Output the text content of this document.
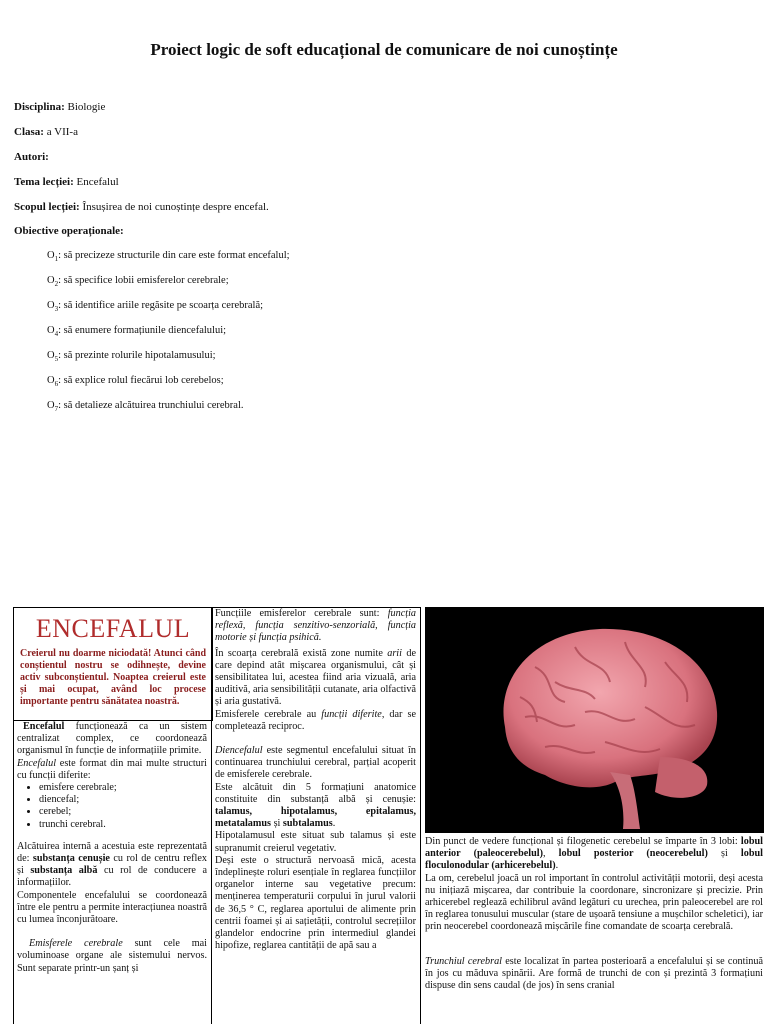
Proiect logic de soft educațional de comunicare de noi cunoștințe
Disciplina: Biologie
Clasa: a VII-a
Autori:
Tema lecției: Encefalul
Scopul lecției: Însușirea de noi cunoștințe despre encefal.
Obiective operaționale:
$O_1$: să precizeze structurile din care este format encefalul;
$O_2$: să specifice lobii emisferelor cerebrale;
$O_3$: să identifice ariile regăsite pe scoarța cerebrală;
$O_4$: să enumere formațiunile diencefalului;
$O_5$: să prezinte rolurile hipotalamusului;
$O_6$: să explice rolul fiecărui lob cerebelos;
$O_7$: să detalieze alcătuirea trunchiului cerebral.
ENCEFALUL
Creierul nu doarme niciodată! Atunci când conștientul nostru se odihnește, devine activ subconștientul. Noaptea creierul este și mai ocupat, având loc procese importante pentru sănătatea noastră.

Encefalul funcționează ca un sistem centralizat complex, ce coordonează organismul în funcție de informațiile primite.

Encefalul este format din mai multe structuri cu funcții diferite:

• emisfere cerebrale;
• diencefal;
• cerebel;
• trunchi cerebral.

Alcătuirea internă a acestuia este reprezentată de: substanța cenușie cu rol de centru reflex și substanța albă cu rol de conducere a informațiilor.

Componentele encefalului se coordonează între ele pentru a permite interacțiunea noastră cu lumea înconjurătoare.

Emisferele cerebrale sunt cele mai voluminoase organe ale sistemului nervos. Sunt separate printr-un șanț și

Funcțiile emisferelor cerebrale sunt: funcția reflexă, funcția senzitivo-senzorială, funcția motorie și funcția psihică.

În scoarța cerebrală există zone numite arii de care depind atât mișcarea organismului, cât și sensibilitatea lui, acestea fiind aria vizuală, aria auditivă, aria sensibilității cutanate, aria olfactivă și aria gustativă.

Emisferele cerebrale au funcții diferite, dar se completează reciproc.

Diencefalul este segmentul encefalului situat în continuarea trunchiului cerebral, parțial acoperit de emisferele cerebrale.

Este alcătuit din 5 formațiuni anatomice constituite din substanță albă și cenușie: talamus, hipotalamus, epitalamus, metatalamus și subtalamus.

Hipotalamusul este situat sub talamus și este supranumit creierul vegetativ.

Deși este o structură nervoasă mică, acesta îndeplinește roluri esențiale în reglarea funcțiilor organelor interne sau vegetative precum: menținerea temperaturii corpului în jurul valorii de 36,5 ° C, reglarea aportului de alimente prin centrii foamei și ai sațietății, controlul secrețiilor glandelor endocrine prin intermediul glandei hipofize, reglarea cantității de apă sau a

Din punct de vedere funcțional și filogenetic cerebelul se împarte în 3 lobi: lobul anterior (paleocerebelul), lobul posterior (neocerebelul) și lobul floculonodular (arhicerebelul).

La om, cerebelul joacă un rol important în controlul activității motorii, deși acesta nu inițiază mișcarea, dar contribuie la coordonare, sincronizare și precizie. Prin arhicerebel reglează echilibrul având legături cu urechea, prin paleocerebel are rol în reglarea tonusului muscular (stare de ușoară tensiune a mușchilor scheletici), iar prin neocerebel coordonează mișcările fine comandate de scoarța cerebrală.

Trunchiul cerebral este localizat în partea posterioară a encefalului și se continuă în jos cu măduva spinării. Are formă de trunchi de con și prezintă 3 formațiuni dispuse din sens caudal (de jos) în sens cranial
